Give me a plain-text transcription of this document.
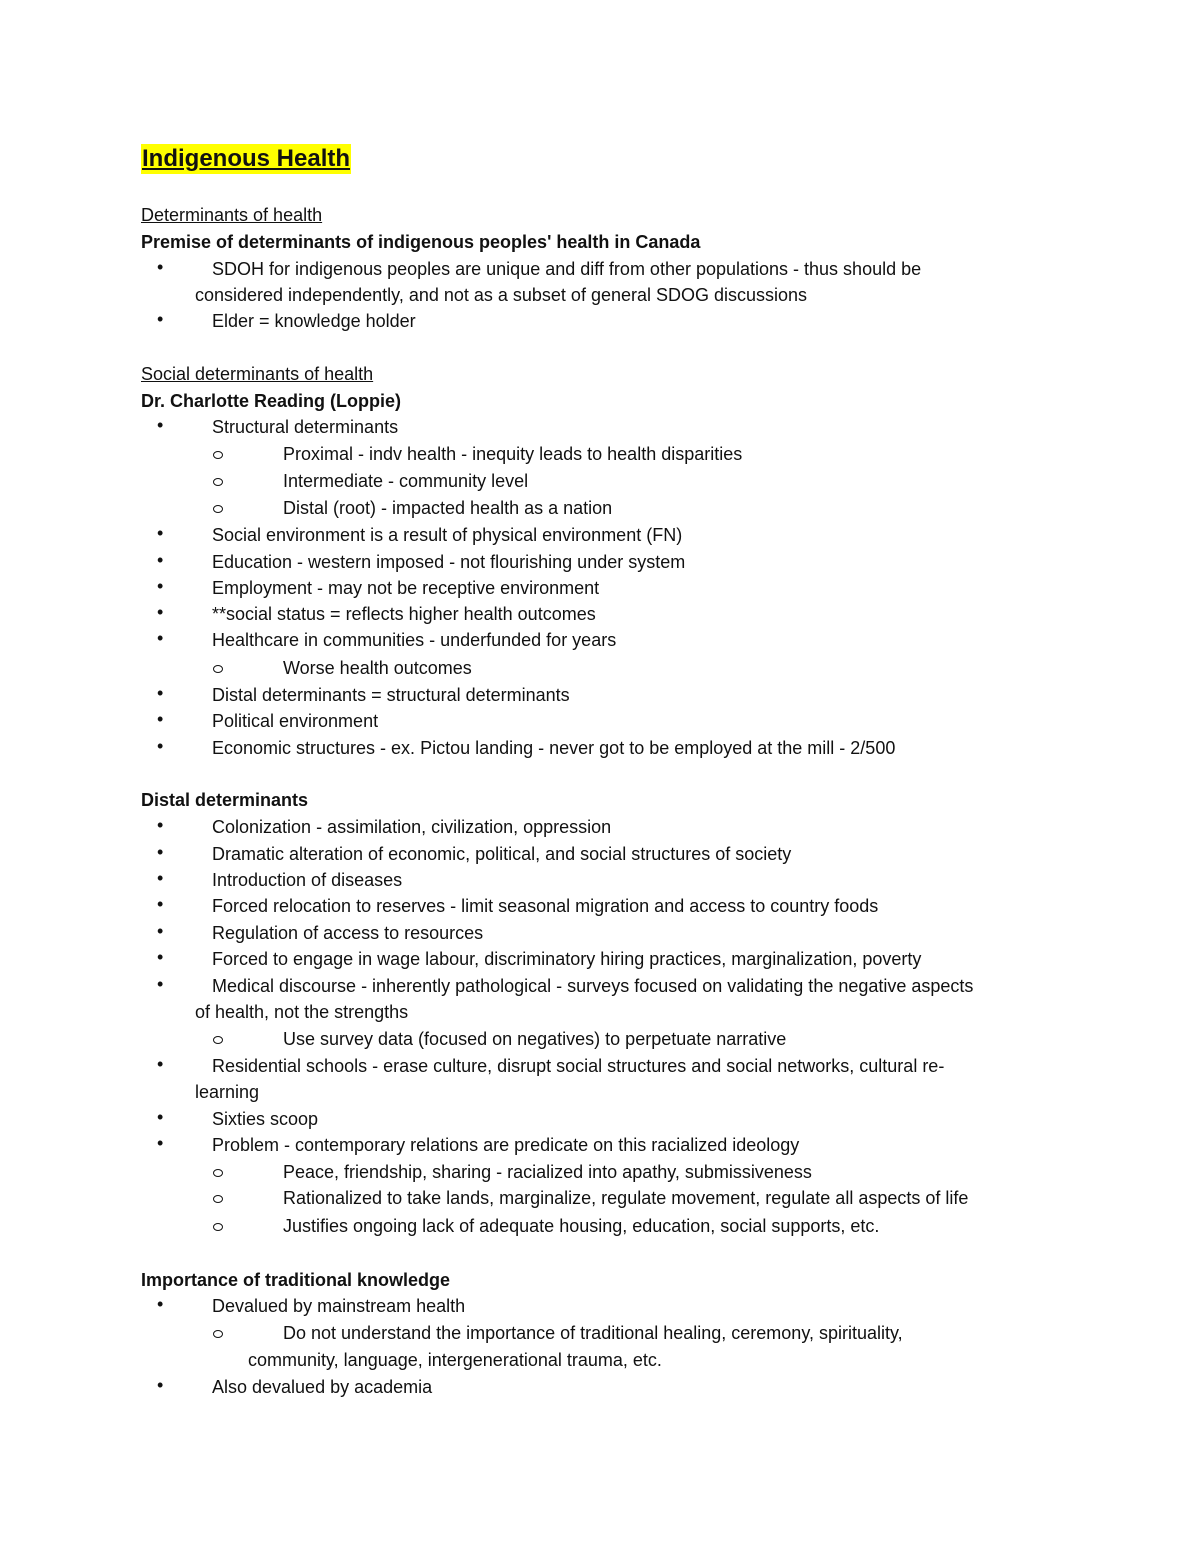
Indigenous Health
Determinants of health
Premise of determinants of indigenous peoples' health in Canada
•	SDOH for indigenous peoples are unique and diff from other populations - thus should be
considered independently, and not as a subset of general SDOG discussions
•	Elder = knowledge holder
Social determinants of health
Dr. Charlotte Reading (Loppie)
•	Structural determinants
Proximal - indv health - inequity leads to health disparities
Intermediate - community level
Distal (root) - impacted health as a nation
•	Social environment is a result of physical environment (FN)
•	Education - western imposed - not flourishing under system
•	Employment - may not be receptive environment
•	**social status = reflects higher health outcomes
•	Healthcare in communities - underfunded for years
Worse health outcomes
•	Distal determinants = structural determinants
•	Political environment
•	Economic structures - ex. Pictou landing - never got to be employed at the mill - 2/500
Distal determinants
•	Colonization - assimilation, civilization, oppression
•	Dramatic alteration of economic, political, and social structures of society
•	Introduction of diseases
•	Forced relocation to reserves - limit seasonal migration and access to country foods
•	Regulation of access to resources
•	Forced to engage in wage labour, discriminatory hiring practices, marginalization, poverty
•	Medical discourse - inherently pathological - surveys focused on validating the negative aspects
of health, not the strengths
Use survey data (focused on negatives) to perpetuate narrative
•	Residential schools - erase culture, disrupt social structures and social networks, cultural re-
learning
•	Sixties scoop
•	Problem - contemporary relations are predicate on this racialized ideology
Peace, friendship, sharing - racialized into apathy, submissiveness
Rationalized to take lands, marginalize, regulate movement, regulate all aspects of life
Justifies ongoing lack of adequate housing, education, social supports, etc.
Importance of traditional knowledge
•	Devalued by mainstream health
Do not understand the importance of traditional healing, ceremony, spirituality,
community, language, intergenerational trauma, etc.
•	Also devalued by academia
